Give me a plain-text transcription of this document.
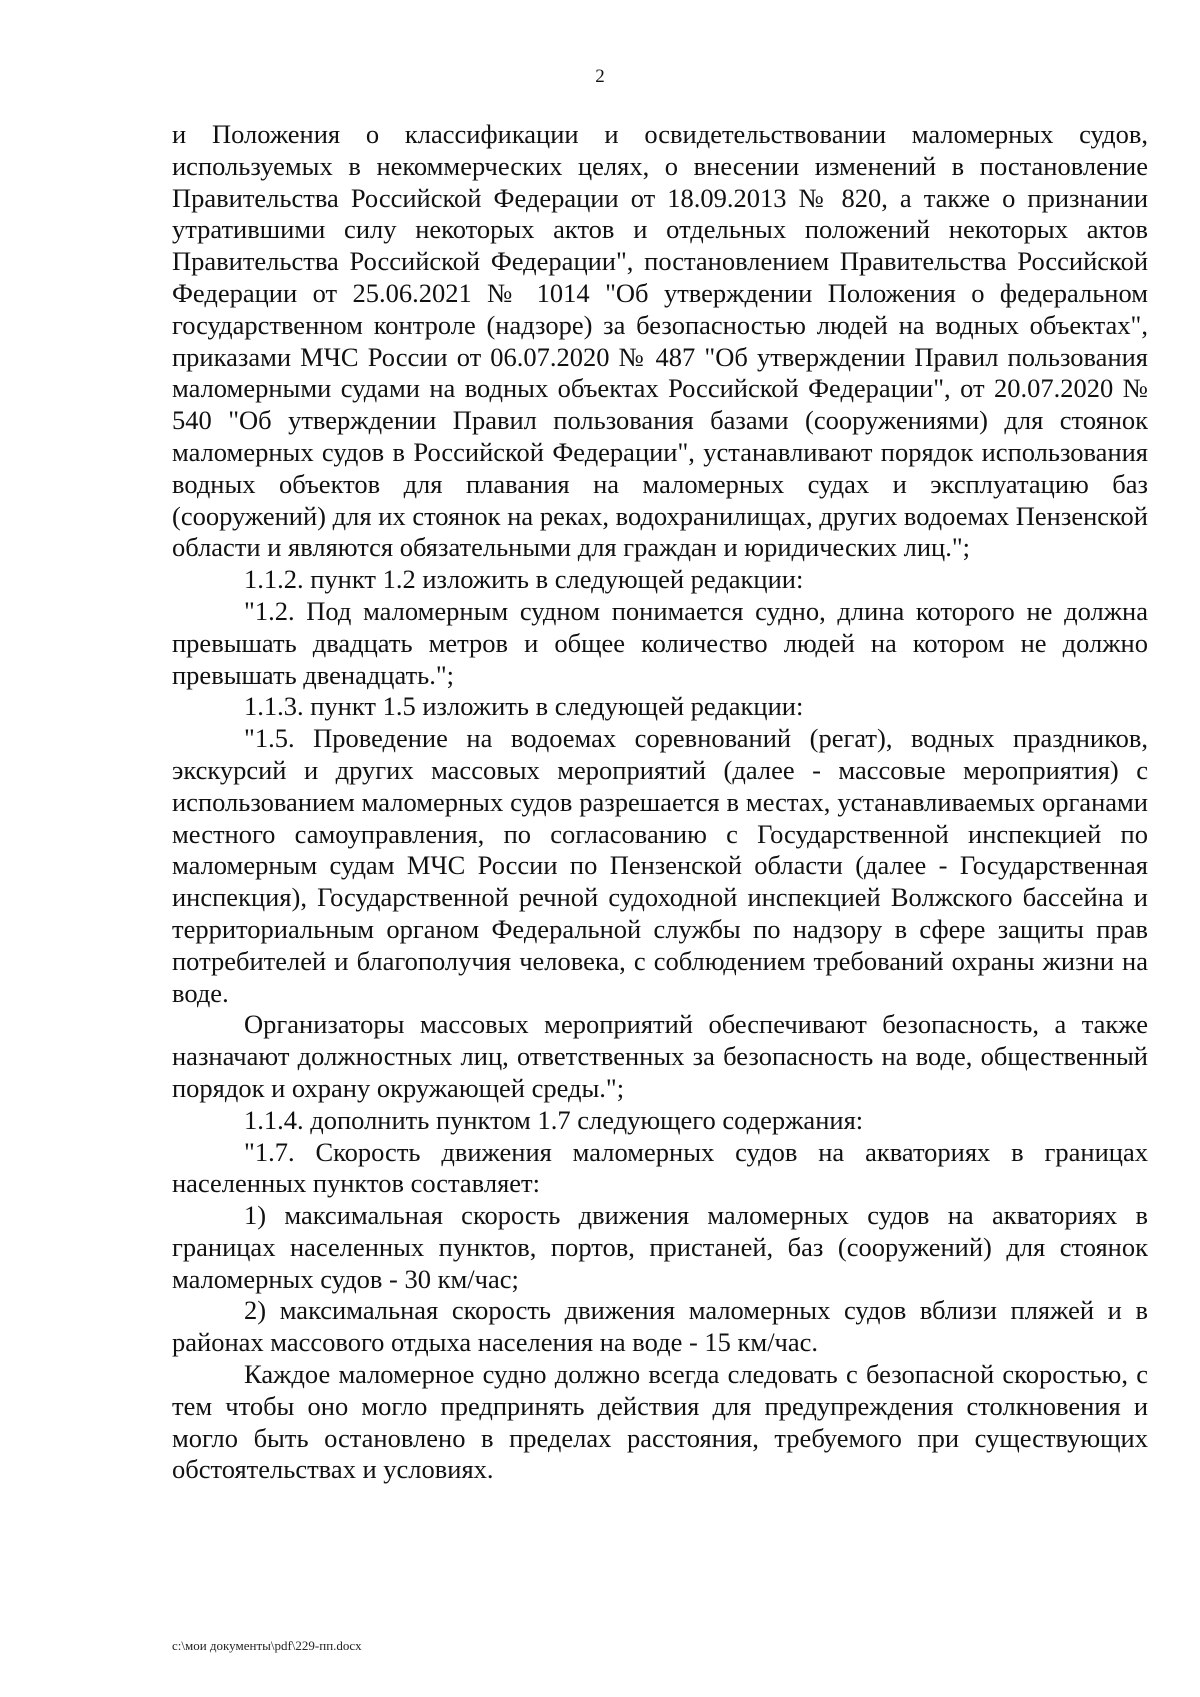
2

и Положения о классификации и освидетельствовании маломерных судов, используемых в некоммерческих целях, о внесении изменений в постановление Правительства Российской Федерации от 18.09.2013 № 820, а также о признании утратившими силу некоторых актов и отдельных положений некоторых актов Правительства Российской Федерации", постановлением Правительства Российской Федерации от 25.06.2021 № 1014 "Об утверждении Положения о федеральном государственном контроле (надзоре) за безопасностью людей на водных объектах", приказами МЧС России от 06.07.2020 № 487 "Об утверждении Правил пользования маломерными судами на водных объектах Российской Федерации", от 20.07.2020 № 540 "Об утверждении Правил пользования базами (сооружениями) для стоянок маломерных судов в Российской Федерации", устанавливают порядок использования водных объектов для плавания на маломерных судах и эксплуатацию баз (сооружений) для их стоянок на реках, водохранилищах, других водоемах Пензенской области и являются обязательными для граждан и юридических лиц.";

1.1.2. пункт 1.2 изложить в следующей редакции:

"1.2. Под маломерным судном понимается судно, длина которого не должна превышать двадцать метров и общее количество людей на котором не должно превышать двенадцать.";

1.1.3. пункт 1.5 изложить в следующей редакции:

"1.5. Проведение на водоемах соревнований (регат), водных праздников, экскурсий и других массовых мероприятий (далее - массовые мероприятия) с использованием маломерных судов разрешается в местах, устанавливаемых органами местного самоуправления, по согласованию с Государственной инспекцией по маломерным судам МЧС России по Пензенской области (далее - Государственная инспекция), Государственной речной судоходной инспекцией Волжского бассейна и территориальным органом Федеральной службы по надзору в сфере защиты прав потребителей и благополучия человека, с соблюдением требований охраны жизни на воде.

Организаторы массовых мероприятий обеспечивают безопасность, а также назначают должностных лиц, ответственных за безопасность на воде, общественный порядок и охрану окружающей среды.";

1.1.4. дополнить пунктом 1.7 следующего содержания:

"1.7. Скорость движения маломерных судов на акваториях в границах населенных пунктов составляет:

1) максимальная скорость движения маломерных судов на акваториях в границах населенных пунктов, портов, пристаней, баз (сооружений) для стоянок маломерных судов - 30 км/час;

2) максимальная скорость движения маломерных судов вблизи пляжей и в районах массового отдыха населения на воде - 15 км/час.

Каждое маломерное судно должно всегда следовать с безопасной скоростью, с тем чтобы оно могло предпринять действия для предупреждения столкновения и могло быть остановлено в пределах расстояния, требуемого при существующих обстоятельствах и условиях.

c:\мои документы\pdf\229-пп.docx
